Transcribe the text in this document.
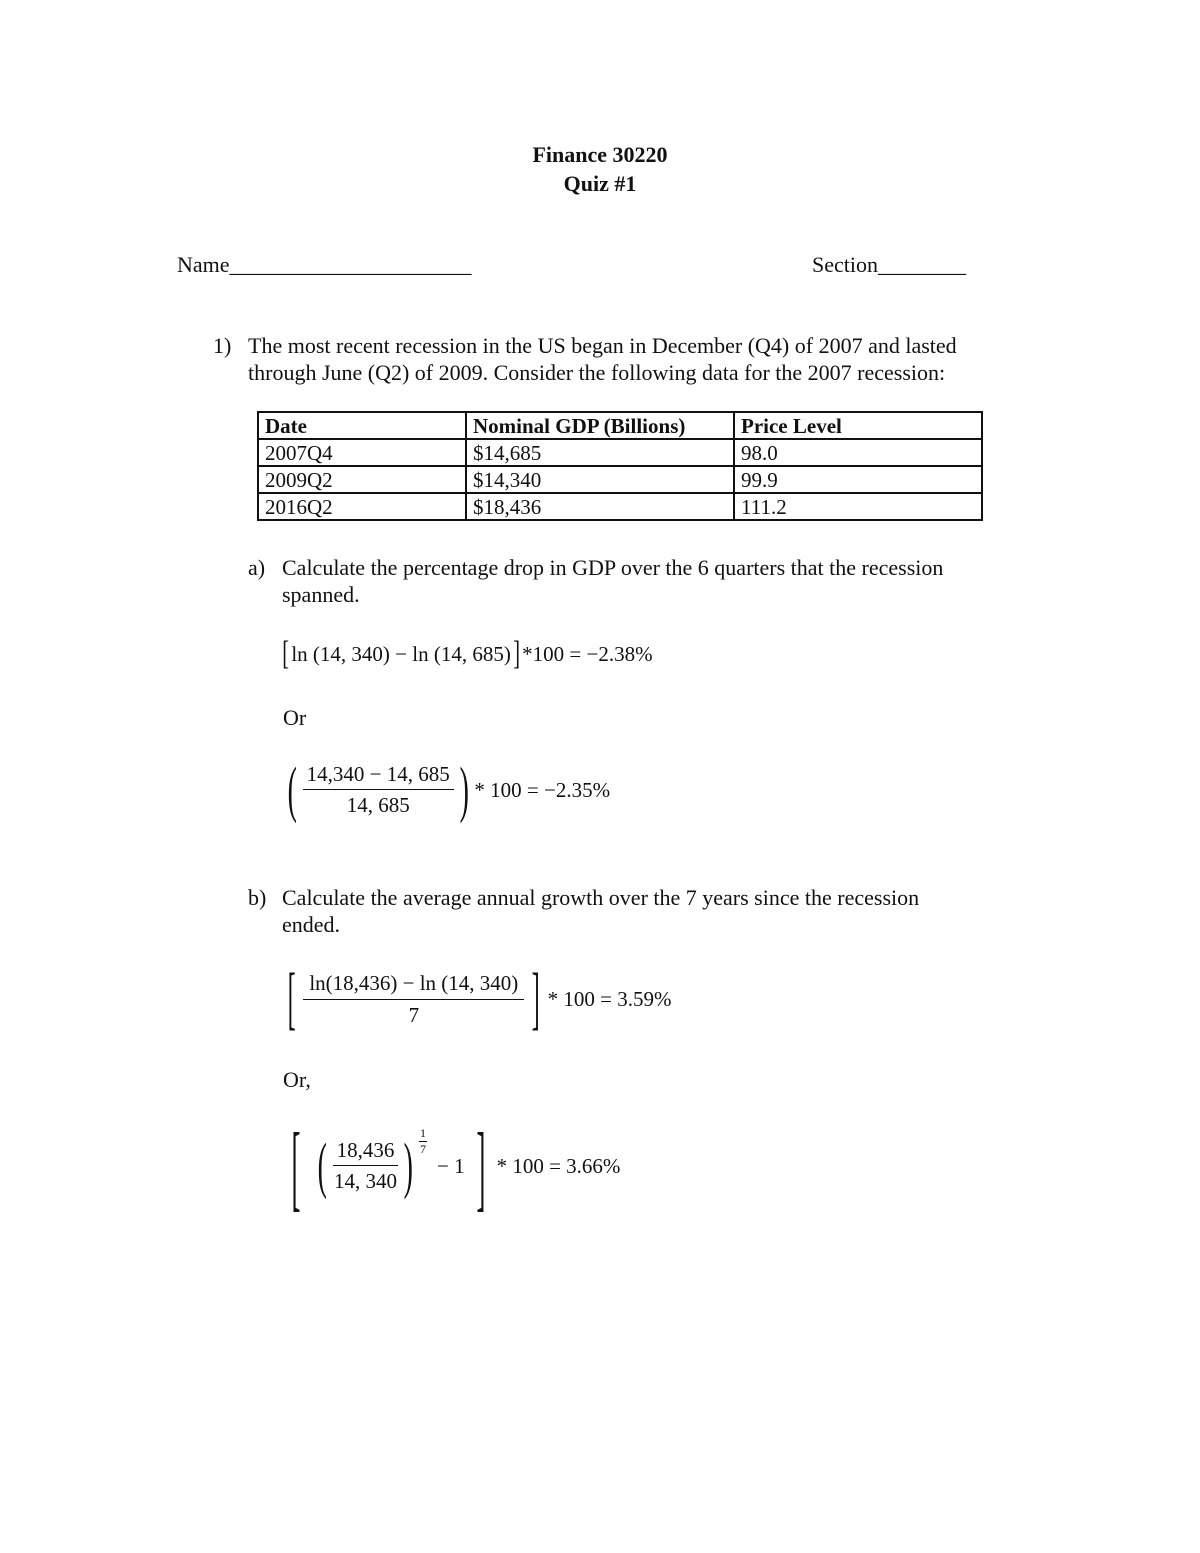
Finance 30220
Quiz #1
Name______________________	Section________
1) The most recent recession in the US began in December (Q4) of 2007 and lasted
through June (Q2) of 2009. Consider the following data for the 2007 recession:
Date	Nominal GDP (Billions)	Price Level
2007Q4	$14,685	98.0
2009Q2	$14,340	99.9
2016Q2	$18,436	111.2
a) Calculate the percentage drop in GDP over the 6 quarters that the recession
spanned.
[ ln (14, 340) − ln (14, 685) ] *100 = −2.38%
Or
( $\frac{14,340 - 14, 685}{14, 685}$ ) * 100 = −2.35%
b) Calculate the average annual growth over the 7 years since the recession
ended.
[ $\frac{\ln(18,436) - \ln (14, 340)}{7}$ ] * 100 = 3.59%
Or,
[ ( $\frac{18,436}{14, 340}$ ) $\frac{1}{7}$
− 1 ] * 100 = 3.66%
